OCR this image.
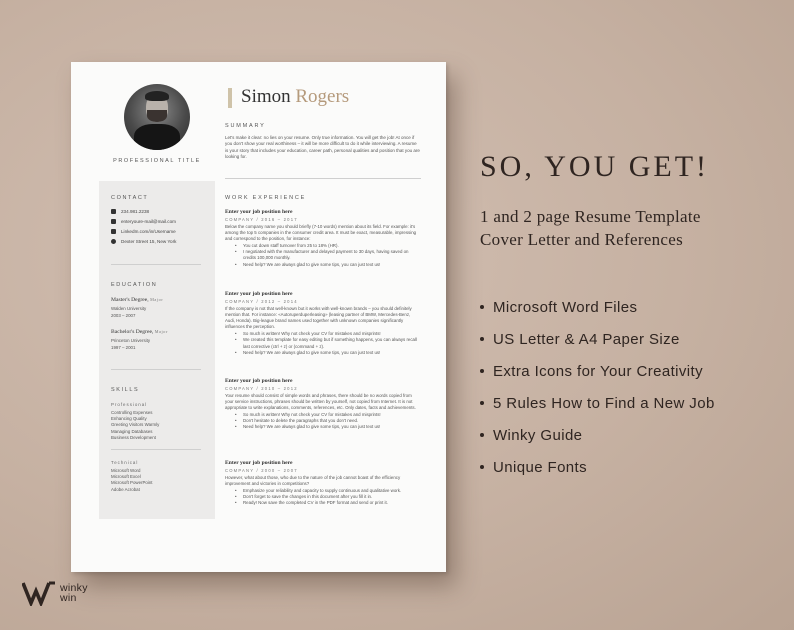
PROFESSIONAL TITLE
CONTACT
234.981.2238
enteryoure-mail@mail.com
LinkedIn.com/in/Username
Dexter Street 15, New York
EDUCATION
Master's Degree, Major
Walden University
2003 – 2007
Bachelor's Degree, Major
Princeton University
1997 – 2001
SKILLS
Professional
Controlling Expenses
Enhancing Quality
Greeting Visitors Warmly
Managing Databases
Business Development
Technical
Microsoft Word
Microsoft Excel
Microsoft PowerPoint
Adobe Acrobat
Simon Rogers
SUMMARY
Let's make it clear: no lies on your resume. Only true information. You will get the job! At once if you don't show your real worthiness – it will be more difficult to do it while interviewing. A resume is your story that includes your education, career path, personal qualities and position that you are looking for.
WORK EXPERIENCE
Enter your job position here
COMPANY / 2016 – 2017
Below the company name you should briefly (7-10 words) mention about its field. For example: it's among the top 5 companies in the consumer credit area. It must be exact, measurable, impressing and correspond to the position, for instance:
• You cut down staff turnover from 25 to 18% (HR).
• I negotiated with the manufacturer and delayed payment to 30 days, having saved on credits 100,000 monthly.
• Need help? We are always glad to give some tips, you can just text us!
Enter your job position here
COMPANY / 2012 – 2014
If the company is not that well-known but it works with well-known brands – you should definitely mention that. For instance: «Autoruperduperleasing» (leasing partner of BMW, Mercedes-Benz, Audi, Honda). Big-league brand names used together with unknown companies significantly influences the perception.
• So much is written! Why not check your CV for mistakes and misprints!
• We created this template for easy editing but if something happens, you can always recall last corrective (ctrl + z) or (command + z).
• Need help? We are always glad to give some tips, you can just text us!
Enter your job position here
COMPANY / 2010 – 2012
Your resume should consist of simple words and phrases, there should be no words copied from your service instructions, phrases should be written by yourself, not copied from Internet. It is not appropriate to write explanations, comments, references, etc. Only dates, facts and achievements.
• So much is written! Why not check your CV for mistakes and misprints!
• Don't hesitate to delete the paragraphs that you don't need.
• Need help? We are always glad to give some tips, you can just text us!
Enter your job position here
COMPANY / 2000 – 2007
However, what about those, who due to the nature of the job cannot boast of the efficiency improvement and victories in competitions?
• Emphasize your reliability and capacity to supply continuous and qualitative work.
• Don't forget to save the changes in this document after you fill it in.
• Ready! Now save the completed CV in the PDF format and send or print it.
SO, YOU GET!
1 and 2 page Resume Template
Cover Letter and References
Microsoft Word Files
US Letter & A4 Paper Size
Extra Icons for Your Creativity
5 Rules How to Find a New Job
Winky Guide
Unique Fonts
winky
win
